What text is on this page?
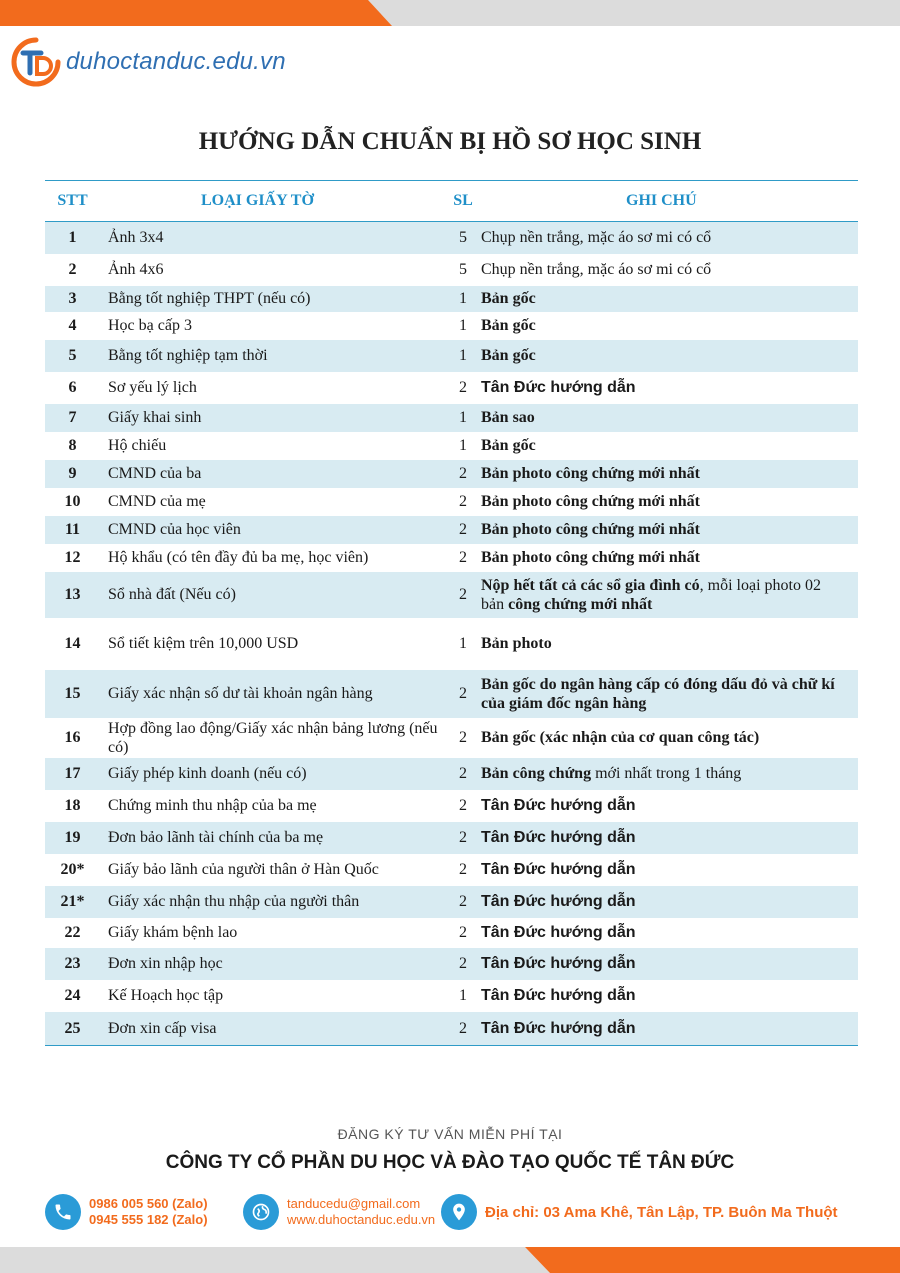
duhoctanduc.edu.vn
HƯỚNG DẪN CHUẨN BỊ HỒ SƠ HỌC SINH
STT	LOẠI GIẤY TỜ	SL	GHI CHÚ
1	Ảnh 3x4	5	Chụp nền trắng, mặc áo sơ mi có cổ
2	Ảnh 4x6	5	Chụp nền trắng, mặc áo sơ mi có cổ
3	Bằng tốt nghiệp THPT (nếu có)	1	Bản gốc
4	Học bạ cấp 3	1	Bản gốc
5	Bằng tốt nghiệp tạm thời	1	Bản gốc
6	Sơ yếu lý lịch	2	Tân Đức hướng dẫn
7	Giấy khai sinh	1	Bản sao
8	Hộ chiếu	1	Bản gốc
9	CMND của ba	2	Bản photo công chứng mới nhất
10	CMND của mẹ	2	Bản photo công chứng mới nhất
11	CMND của học viên	2	Bản photo công chứng mới nhất
12	Hộ khẩu (có tên đầy đủ ba mẹ, học viên)	2	Bản photo công chứng mới nhất
13	Sổ nhà đất (Nếu có)	2	Nộp hết tất cả các sổ gia đình có, mỗi loại photo 02 bản công chứng mới nhất
14	Sổ tiết kiệm trên 10,000 USD	1	Bản photo
15	Giấy xác nhận số dư tài khoản ngân hàng	2	Bản gốc do ngân hàng cấp có đóng dấu đỏ và chữ kí của giám đốc ngân hàng
16	Hợp đồng lao động/Giấy xác nhận bảng lương (nếu có)	2	Bản gốc (xác nhận của cơ quan công tác)
17	Giấy phép kinh doanh (nếu có)	2	Bản công chứng mới nhất trong 1 tháng
18	Chứng minh thu nhập của ba mẹ	2	Tân Đức hướng dẫn
19	Đơn bảo lãnh tài chính của ba mẹ	2	Tân Đức hướng dẫn
20*	Giấy bảo lãnh của người thân ở Hàn Quốc	2	Tân Đức hướng dẫn
21*	Giấy xác nhận thu nhập của người thân	2	Tân Đức hướng dẫn
22	Giấy khám bệnh lao	2	Tân Đức hướng dẫn
23	Đơn xin nhập học	2	Tân Đức hướng dẫn
24	Kế Hoạch học tập	1	Tân Đức hướng dẫn
25	Đơn xin cấp visa	2	Tân Đức hướng dẫn
ĐĂNG KÝ TƯ VẤN MIỄN PHÍ TẠI
CÔNG TY CỔ PHẦN DU HỌC VÀ ĐÀO TẠO QUỐC TẾ TÂN ĐỨC
0986 005 560 (Zalo)
0945 555 182 (Zalo)
tanducedu@gmail.com
www.duhoctanduc.edu.vn	Địa chỉ: 03 Ama Khê, Tân Lập, TP. Buôn Ma Thuột
